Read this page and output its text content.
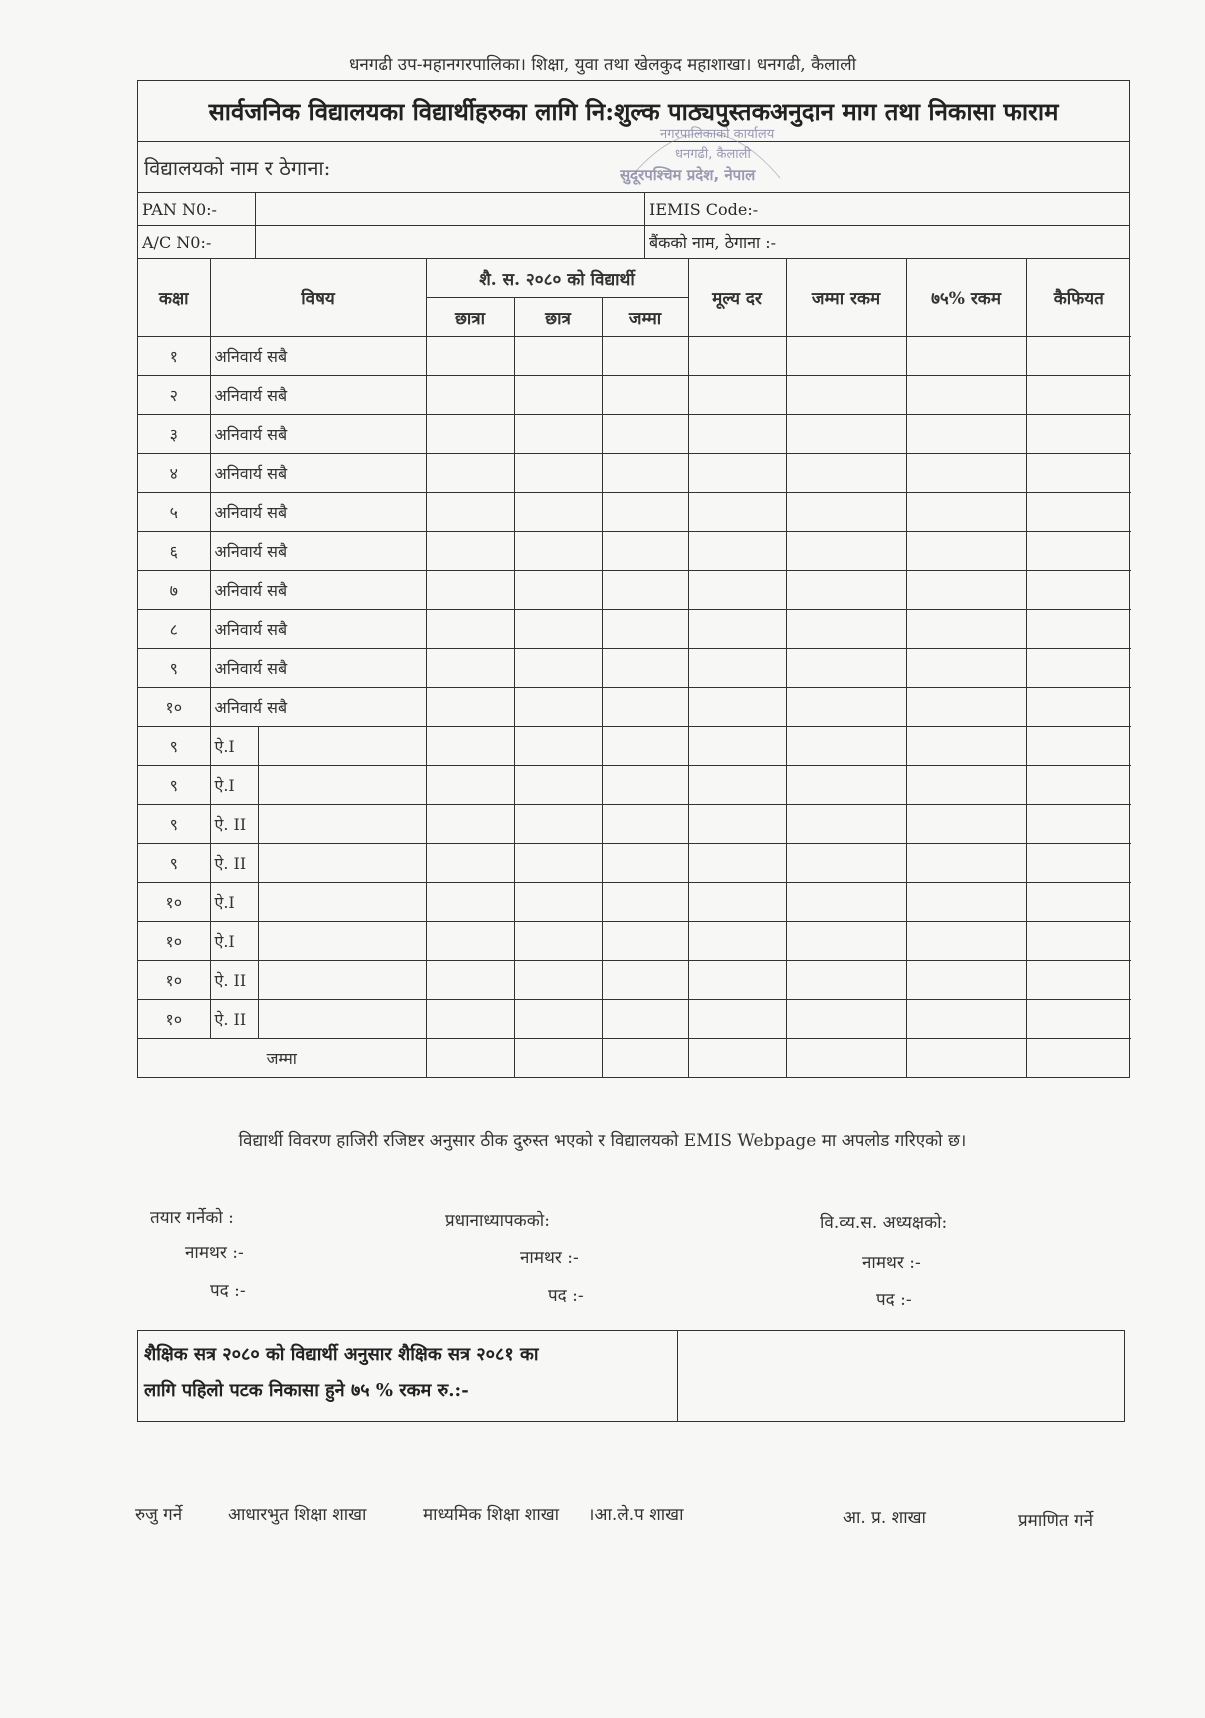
धनगढी उप-महानगरपालिका। शिक्षा, युवा तथा खेलकुद महाशाखा। धनगढी, कैलाली
सार्वजनिक विद्यालयका विद्यार्थीहरुका लागि नि:शुल्क पाठ्यपुस्तकअनुदान माग तथा निकासा फाराम
विद्यालयको नाम र ठेगाना:
PAN N0:-	IEMIS Code:-
A/C N0:-	बैंकको नाम, ठेगाना :-
कक्षा	विषय		शै. स. २०८० को विद्यार्थी			मूल्य दर	जम्मा रकम	७५% रकम	कैफियत
			छात्रा	छात्र	जम्मा				
१	अनिवार्य सबै								
२	अनिवार्य सबै								
३	अनिवार्य सबै								
४	अनिवार्य सबै								
५	अनिवार्य सबै								
६	अनिवार्य सबै								
७	अनिवार्य सबै								
८	अनिवार्य सबै								
९	अनिवार्य सबै								
१०	अनिवार्य सबै								
९	ऐ.I								
९	ऐ.I								
९	ऐ. II								
९	ऐ. II								
१०	ऐ.I								
१०	ऐ.I								
१०	ऐ. II								
१०	ऐ. II								
जम्मा									
नगरपालिकाको कार्यालय
धनगढी, कैलाली
सुदूरपश्चिम प्रदेश, नेपाल
विद्यार्थी विवरण हाजिरी रजिष्टर अनुसार ठीक दुरुस्त भएको र विद्यालयको EMIS Webpage मा अपलोड गरिएको छ।
तयार गर्नेको :
नामथर :-
पद :-
प्रधानाध्यापकको:
नामथर :-
पद :-
वि.व्य.स. अध्यक्षको:
नामथर :-
पद :-
शैक्षिक सत्र २०८० को विद्यार्थी अनुसार शैक्षिक सत्र २०८१ का
लागि पहिलो पटक निकासा हुने ७५ % रकम रु.:-
रुजु गर्ने	आधारभुत शिक्षा शाखा	माध्यमिक शिक्षा शाखा ।आ.ले.प शाखा	आ. प्र. शाखा	प्रमाणित गर्ने
